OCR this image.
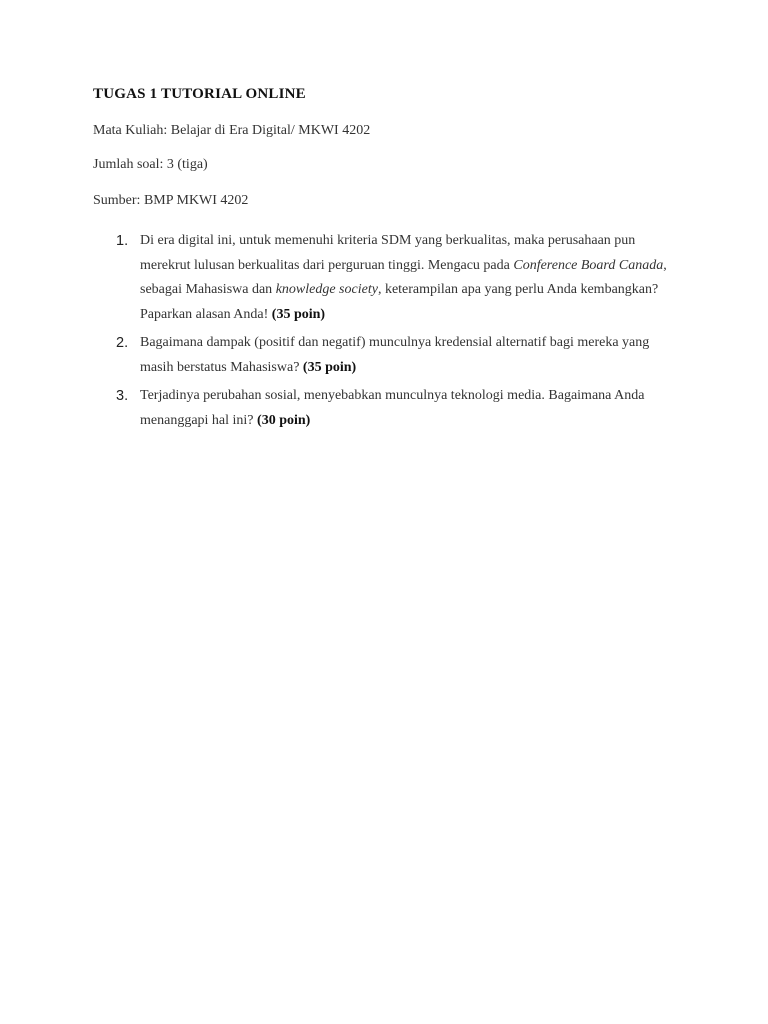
TUGAS 1 TUTORIAL ONLINE
Mata Kuliah: Belajar di Era Digital/ MKWI 4202
Jumlah soal: 3 (tiga)
Sumber: BMP MKWI 4202
1. Di era digital ini, untuk memenuhi kriteria SDM yang berkualitas, maka perusahaan pun merekrut lulusan berkualitas dari perguruan tinggi. Mengacu pada Conference Board Canada, sebagai Mahasiswa dan knowledge society, keterampilan apa yang perlu Anda kembangkan? Paparkan alasan Anda! (35 poin)
2. Bagaimana dampak (positif dan negatif) munculnya kredensial alternatif bagi mereka yang masih berstatus Mahasiswa? (35 poin)
3. Terjadinya perubahan sosial, menyebabkan munculnya teknologi media. Bagaimana Anda menanggapi hal ini? (30 poin)
